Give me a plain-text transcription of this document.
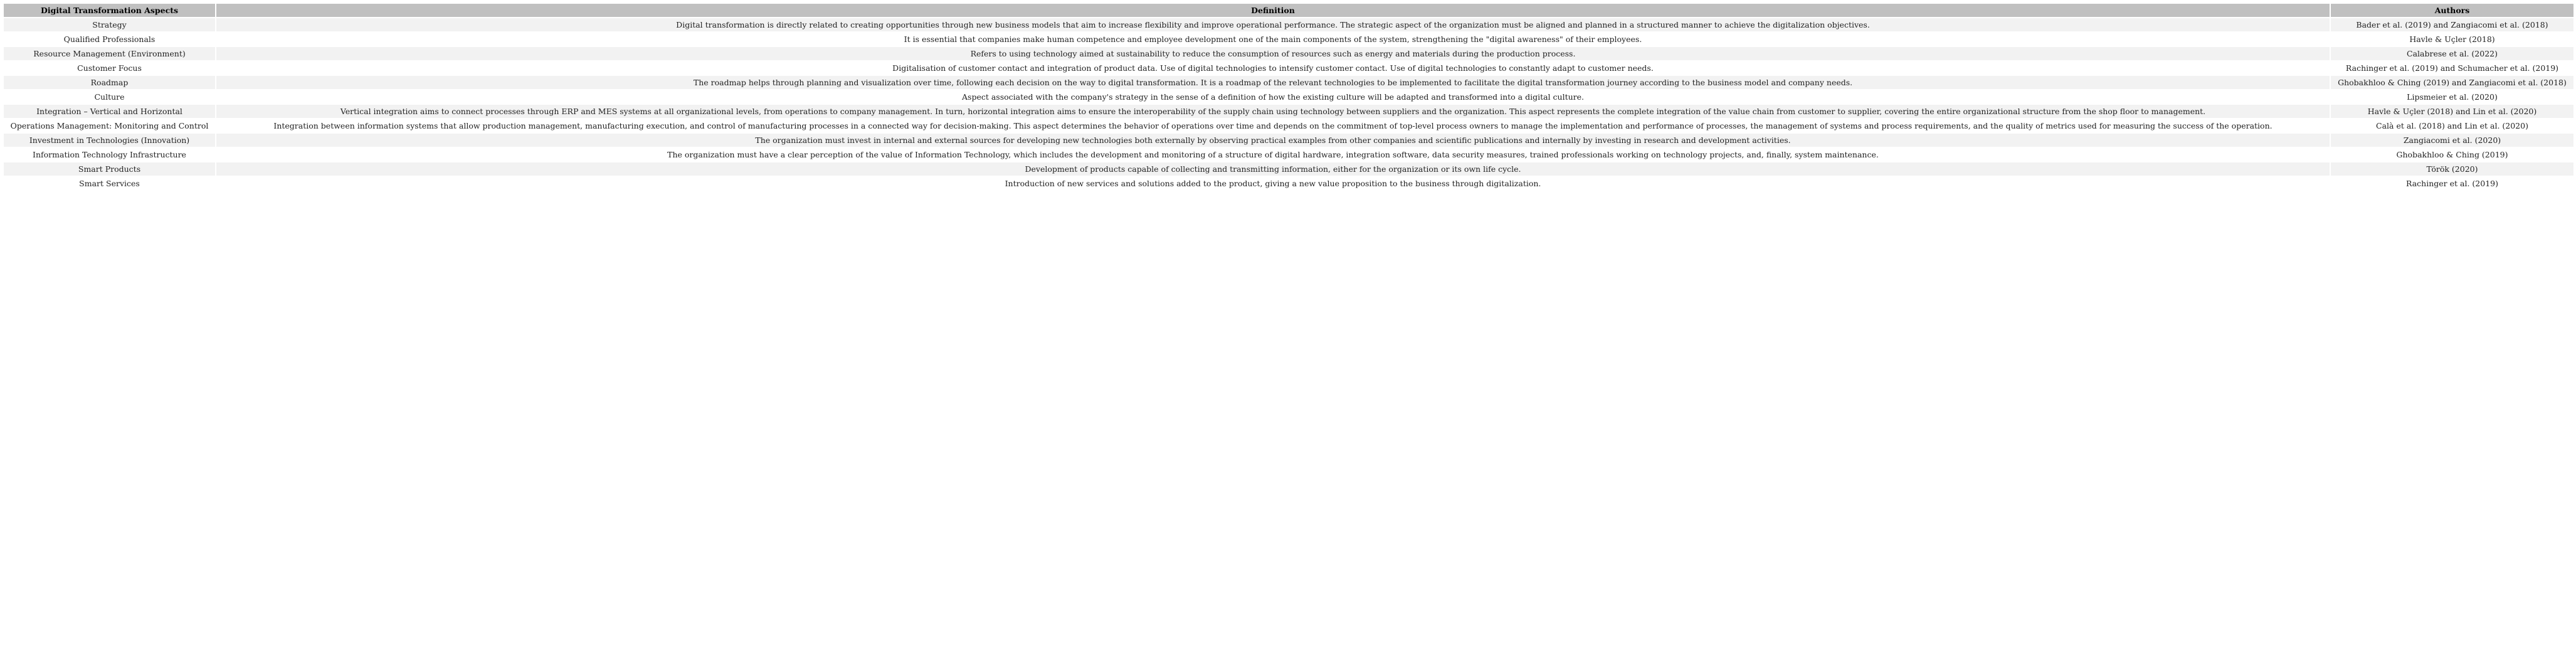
Digital Transformation Aspects	Definition	Authors
Strategy	Digital transformation is directly related to creating opportunities through new business models that aim to increase flexibility and improve operational performance. The strategic aspect of the organization must be aligned and planned in a structured manner to achieve the digitalization objectives.	Bader et al. (2019) and Zangiacomi et al. (2018)
Qualified Professionals	It is essential that companies make human competence and employee development one of the main components of the system, strengthening the "digital awareness" of their employees.	Havle & Uçler (2018)
Resource Management (Environment)	Refers to using technology aimed at sustainability to reduce the consumption of resources such as energy and materials during the production process.	Calabrese et al. (2022)
Customer Focus	Digitalisation of customer contact and integration of product data. Use of digital technologies to intensify customer contact. Use of digital technologies to constantly adapt to customer needs.	Rachinger et al. (2019) and Schumacher et al. (2019)
Roadmap	The roadmap helps through planning and visualization over time, following each decision on the way to digital transformation. It is a roadmap of the relevant technologies to be implemented to facilitate the digital transformation journey according to the business model and company needs.	Ghobakhloo & Ching (2019) and Zangiacomi et al. (2018)
Culture	Aspect associated with the company's strategy in the sense of a definition of how the existing culture will be adapted and transformed into a digital culture.	Lipsmeier et al. (2020)
Integration – Vertical and Horizontal	Vertical integration aims to connect processes through ERP and MES systems at all organizational levels, from operations to company management. In turn, horizontal integration aims to ensure the interoperability of the supply chain using technology between suppliers and the organization. This aspect represents the complete integration of the value chain from customer to supplier, covering the entire organizational structure from the shop floor to management.	Havle & Uçler (2018) and Lin et al. (2020)
Operations Management: Monitoring and Control	Integration between information systems that allow production management, manufacturing execution, and control of manufacturing processes in a connected way for decision-making. This aspect determines the behavior of operations over time and depends on the commitment of top-level process owners to manage the implementation and performance of processes, the management of systems and process requirements, and the quality of metrics used for measuring the success of the operation.	Calà et al. (2018) and Lin et al. (2020)
Investment in Technologies (Innovation)	The organization must invest in internal and external sources for developing new technologies both externally by observing practical examples from other companies and scientific publications and internally by investing in research and development activities.	Zangiacomi et al. (2020)
Information Technology Infrastructure	The organization must have a clear perception of the value of Information Technology, which includes the development and monitoring of a structure of digital hardware, integration software, data security measures, trained professionals working on technology projects, and, finally, system maintenance.	Ghobakhloo & Ching (2019)
Smart Products	Development of products capable of collecting and transmitting information, either for the organization or its own life cycle.	Török (2020)
Smart Services	Introduction of new services and solutions added to the product, giving a new value proposition to the business through digitalization.	Rachinger et al. (2019)
